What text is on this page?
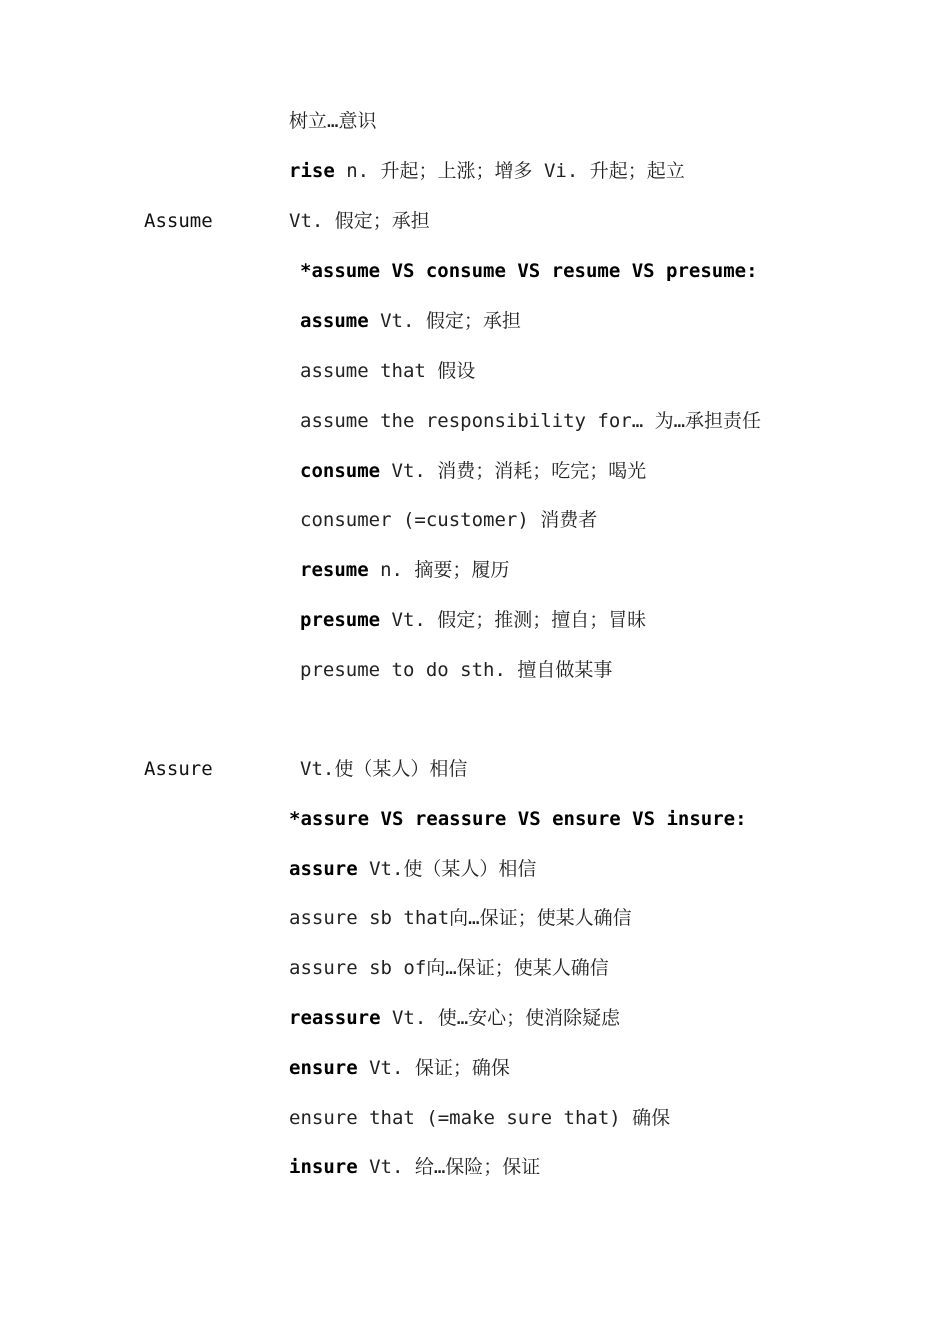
树立…意识
rise n. 升起；上涨；增多 Vi. 升起；起立
Assume	Vt. 假定；承担
*assume VS consume VS resume VS presume:
assume Vt. 假定；承担
assume that 假设
assume the responsibility for… 为…承担责任
consume Vt. 消费；消耗；吃完；喝光
consumer (=customer) 消费者
resume n. 摘要；履历
presume Vt. 假定；推测；擅自；冒昧
presume to do sth. 擅自做某事
Assure	Vt.使（某人）相信
*assure VS reassure VS ensure VS insure:
assure Vt.使（某人）相信
assure sb that向…保证；使某人确信
assure sb of向…保证；使某人确信
reassure Vt. 使…安心；使消除疑虑
ensure Vt. 保证；确保
ensure that (=make sure that) 确保
insure Vt. 给…保险；保证
